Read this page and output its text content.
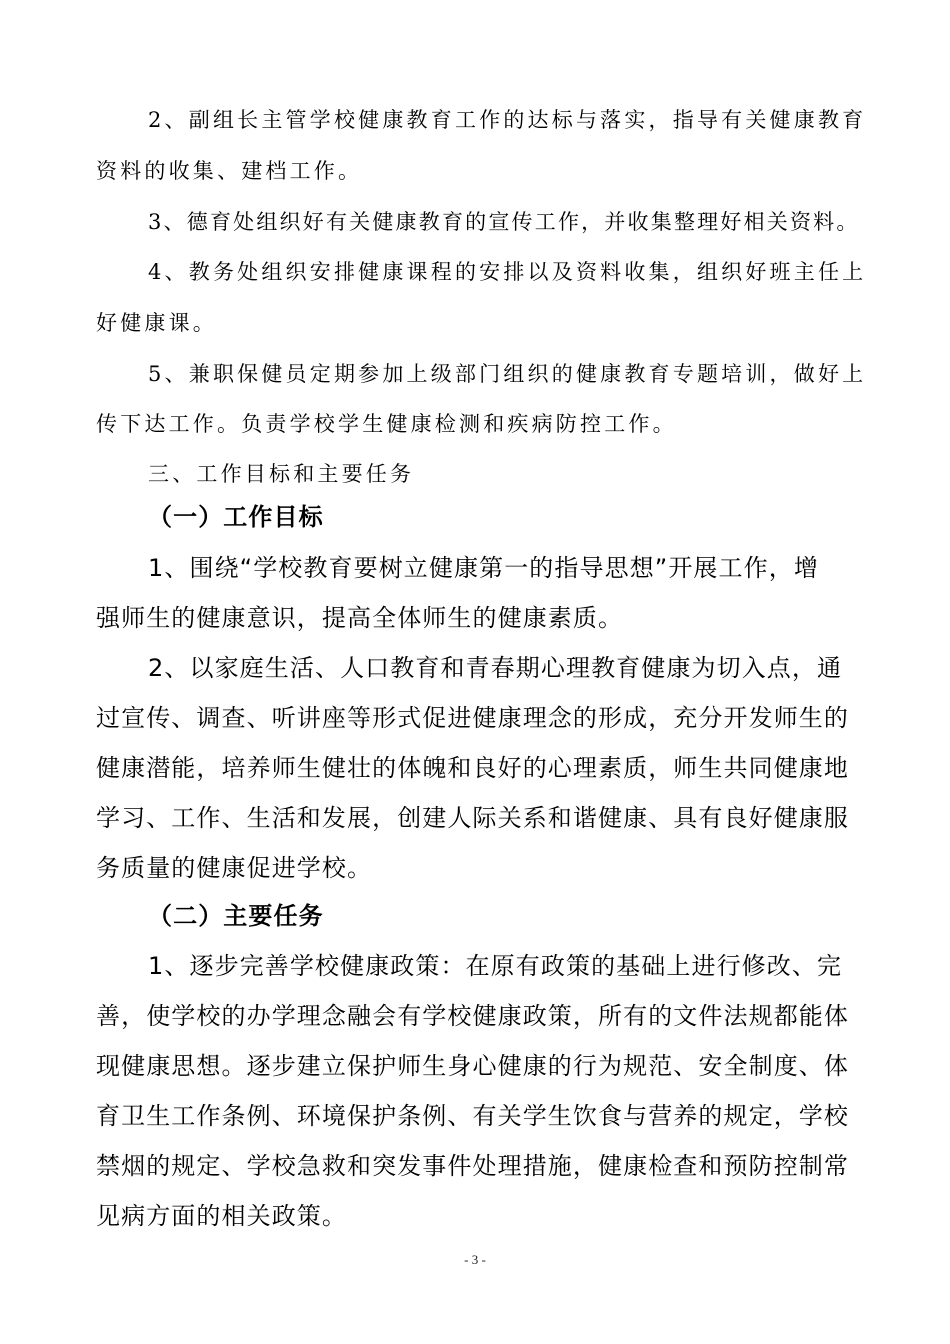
2、副组长主管学校健康教育工作的达标与落实，指导有关健康教育

资料的收集、建档工作。

3、德育处组织好有关健康教育的宣传工作，并收集整理好相关资料。

4、教务处组织安排健康课程的安排以及资料收集，组织好班主任上

好健康课。

5、兼职保健员定期参加上级部门组织的健康教育专题培训，做好上

传下达工作。负责学校学生健康检测和疾病防控工作。

三、工作目标和主要任务

（一）工作目标

1、围绕“学校教育要树立健康第一的指导思想”开展工作，增

强师生的健康意识，提高全体师生的健康素质。

2、以家庭生活、人口教育和青春期心理教育健康为切入点，通

过宣传、调查、听讲座等形式促进健康理念的形成，充分开发师生的

健康潜能，培养师生健壮的体魄和良好的心理素质，师生共同健康地

学习、工作、生活和发展，创建人际关系和谐健康、具有良好健康服

务质量的健康促进学校。

（二）主要任务

1、逐步完善学校健康政策：在原有政策的基础上进行修改、完

善，使学校的办学理念融会有学校健康政策，所有的文件法规都能体

现健康思想。逐步建立保护师生身心健康的行为规范、安全制度、体

育卫生工作条例、环境保护条例、有关学生饮食与营养的规定，学校

禁烟的规定、学校急救和突发事件处理措施，健康检查和预防控制常

见病方面的相关政策。

- 3 -
